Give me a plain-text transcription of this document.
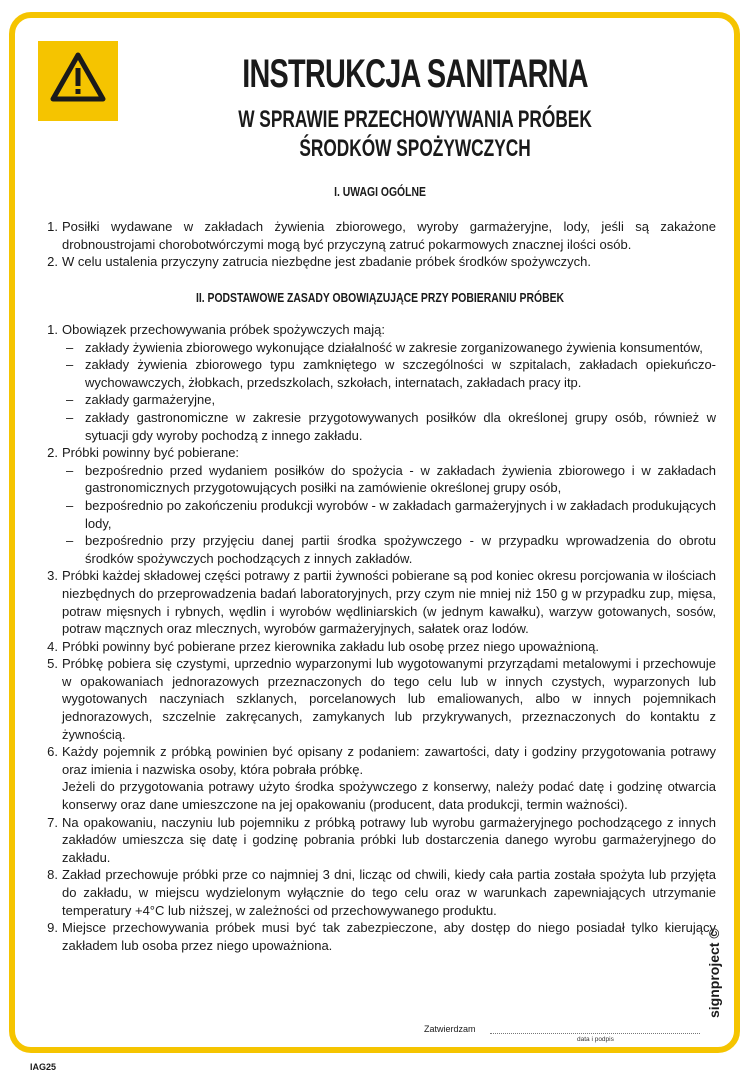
INSTRUKCJA SANITARNA
W SPRAWIE PRZECHOWYWANIA PRÓBEK
ŚRODKÓW SPOŻYWCZYCH
I. UWAGI OGÓLNE
1. Posiłki wydawane w zakładach żywienia zbiorowego, wyroby garmażeryjne, lody, jeśli są zakażone drobnoustrojami chorobotwórczymi mogą być przyczyną zatruć pokarmowych znacznej ilości osób.
2. W celu ustalenia przyczyny zatrucia niezbędne jest zbadanie próbek środków spożywczych.
II. PODSTAWOWE ZASADY OBOWIĄZUJĄCE PRZY POBIERANIU PRÓBEK
1. Obowiązek przechowywania próbek spożywczych mają:
– zakłady żywienia zbiorowego wykonujące działalność w zakresie zorganizowanego żywienia konsumentów,
– zakłady żywienia zbiorowego typu zamkniętego w szczególności w szpitalach, zakładach opiekuńczo-wychowawczych, żłobkach, przedszkolach, szkołach, internatach, zakładach pracy itp.
– zakłady garmażeryjne,
– zakłady gastronomiczne w zakresie przygotowywanych posiłków dla określonej grupy osób, również w sytuacji gdy wyroby pochodzą z innego zakładu.
2. Próbki powinny być pobierane:
– bezpośrednio przed wydaniem posiłków do spożycia - w zakładach żywienia zbiorowego i w zakładach gastronomicznych przygotowujących posiłki na zamówienie określonej grupy osób,
– bezpośrednio po zakończeniu produkcji wyrobów - w zakładach garmażeryjnych i w zakładach produkujących lody,
– bezpośrednio przy przyjęciu danej partii środka spożywczego - w przypadku wprowadzenia do obrotu środków spożywczych pochodzących z innych zakładów.
3. Próbki każdej składowej części potrawy z partii żywności pobierane są pod koniec okresu porcjowania w ilościach niezbędnych do przeprowadzenia badań laboratoryjnych, przy czym nie mniej niż 150 g w przypadku zup, mięsa, potraw mięsnych i rybnych, wędlin i wyrobów wędliniarskich (w jednym kawałku), warzyw gotowanych, sosów, potraw mącznych oraz mlecznych, wyrobów garmażeryjnych, sałatek oraz lodów.
4. Próbki powinny być pobierane przez kierownika zakładu lub osobę przez niego upoważnioną.
5. Próbkę pobiera się czystymi, uprzednio wyparzonymi lub wygotowanymi przyrządami metalowymi i przechowuje w opakowaniach jednorazowych przeznaczonych do tego celu lub w innych czystych, wyparzonych lub wygotowanych naczyniach szklanych, porcelanowych lub emaliowanych, albo w innych pojemnikach jednorazowych, szczelnie zakręcanych, zamykanych lub przykrywanych, przeznaczonych do kontaktu z żywnością.
6. Każdy pojemnik z próbką powinien być opisany z podaniem: zawartości, daty i godziny przygotowania potrawy oraz imienia i nazwiska osoby, która pobrała próbkę.
Jeżeli do przygotowania potrawy użyto środka spożywczego z konserwy, należy podać datę i godzinę otwarcia konserwy oraz dane umieszczone na jej opakowaniu (producent, data produkcji, termin ważności).
7. Na opakowaniu, naczyniu lub pojemniku z próbką potrawy lub wyrobu garmażeryjnego pochodzącego z innych zakładów umieszcza się datę i godzinę pobrania próbki lub dostarczenia danego wyrobu garmażeryjnego do zakładu.
8. Zakład przechowuje próbki prze co najmniej 3 dni, licząc od chwili, kiedy cała partia została spożyta lub przyjęta do zakładu, w miejscu wydzielonym wyłącznie do tego celu oraz w warunkach zapewniających utrzymanie temperatury +4°C lub niższej, w zależności od przechowywanego produktu.
9. Miejsce przechowywania próbek musi być tak zabezpieczone, aby dostęp do niego posiadał tylko kierujący zakładem lub osoba przez niego upoważniona.
Zatwierdzam
data i podpis
IAG25
signproject ©
